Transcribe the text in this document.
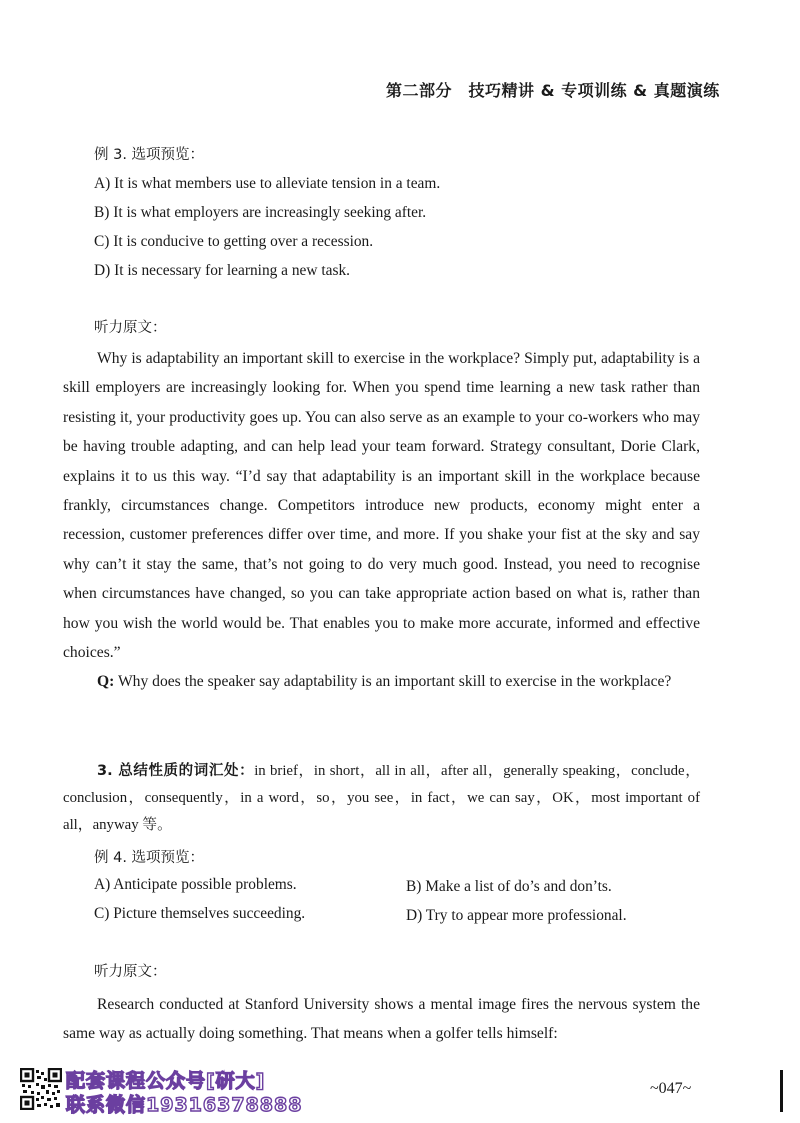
第二部分　技巧精讲 & 专项训练 & 真题演练
例 3. 选项预览：
A) It is what members use to alleviate tension in a team.
B) It is what employers are increasingly seeking after.
C) It is conducive to getting over a recession.
D) It is necessary for learning a new task.
听力原文：

Why is adaptability an important skill to exercise in the workplace? Simply put, adaptability is a skill employers are increasingly looking for. When you spend time learning a new task rather than resisting it, your productivity goes up. You can also serve as an example to your co-workers who may be having trouble adapting, and can help lead your team forward. Strategy consultant, Dorie Clark, explains it to us this way. “I’d say that adaptability is an important skill in the workplace because frankly, circumstances change. Competitors introduce new products, economy might enter a recession, customer preferences differ over time, and more. If you shake your fist at the sky and say why can’t it stay the same, that’s not going to do very much good. Instead, you need to recognise when circumstances have changed, so you can take appropriate action based on what is, rather than how you wish the world would be. That enables you to make more accurate, informed and effective choices.”

Q: Why does the speaker say adaptability is an important skill to exercise in the workplace?

3. 总结性质的词汇处：in brief，in short，all in all，after all，generally speaking，conclude，conclusion，consequently，in a word，so，you see，in fact，we can say，OK，most important of all，anyway 等。

例 4. 选项预览：
A) Anticipate possible problems.	B) Make a list of do’s and don’ts.
C) Picture themselves succeeding.	D) Try to appear more professional.
听力原文：

Research conducted at Stanford University shows a mental image fires the nervous system the same way as actually doing something. That means when a golfer tells himself:

配套课程公众号[研大]
联系微信19316378888
~047~
